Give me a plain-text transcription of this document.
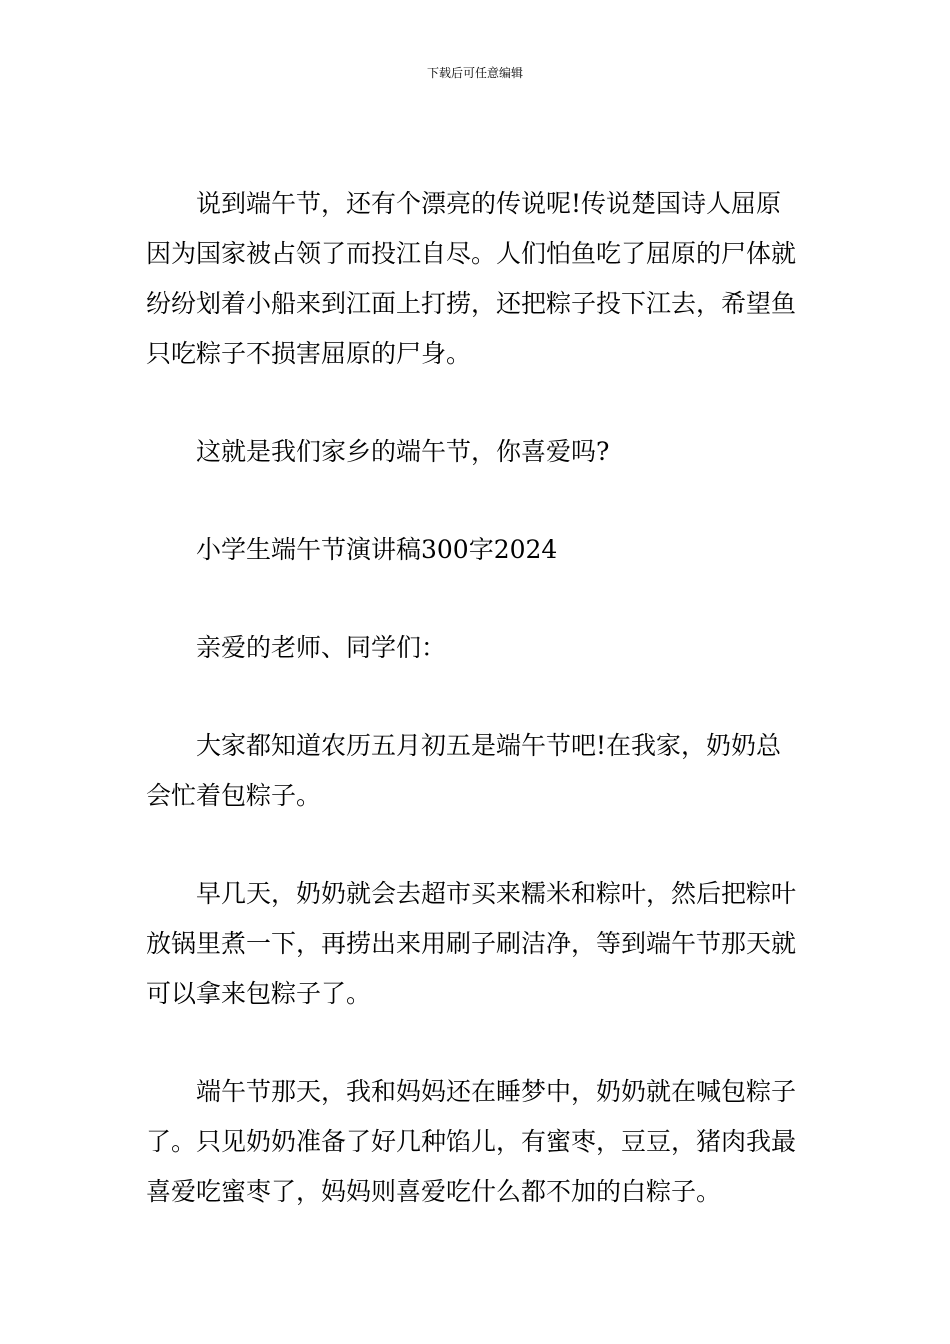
下载后可任意编辑

说到端午节，还有个漂亮的传说呢!传说楚国诗人屈原因为国家被占领了而投江自尽。人们怕鱼吃了屈原的尸体就纷纷划着小船来到江面上打捞，还把粽子投下江去，希望鱼只吃粽子不损害屈原的尸身。

这就是我们家乡的端午节，你喜爱吗?

小学生端午节演讲稿300字2024

亲爱的老师、同学们：

大家都知道农历五月初五是端午节吧!在我家，奶奶总会忙着包粽子。

早几天，奶奶就会去超市买来糯米和粽叶，然后把粽叶放锅里煮一下，再捞出来用刷子刷洁净，等到端午节那天就可以拿来包粽子了。

端午节那天，我和妈妈还在睡梦中，奶奶就在喊包粽子了。只见奶奶准备了好几种馅儿，有蜜枣，豆豆，猪肉我最喜爱吃蜜枣了，妈妈则喜爱吃什么都不加的白粽子。
